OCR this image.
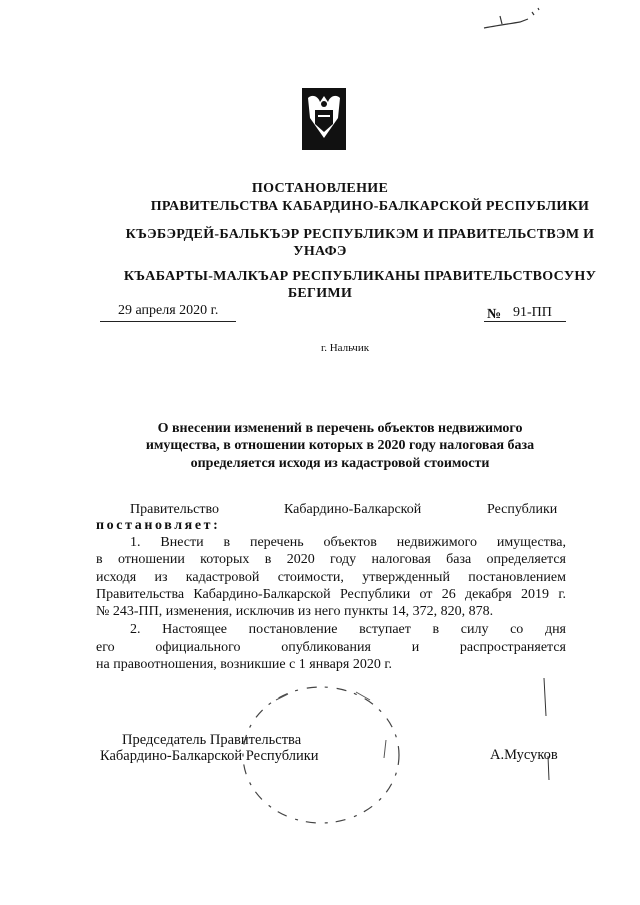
ПОСТАНОВЛЕНИЕ
ПРАВИТЕЛЬСТВА КАБАРДИНО-БАЛКАРСКОЙ РЕСПУБЛИКИ
КЪЭБЭРДЕЙ-БАЛЬКЪЭР РЕСПУБЛИКЭМ И ПРАВИТЕЛЬСТВЭМ И
УНАФЭ
КЪАБАРТЫ-МАЛКЪАР РЕСПУБЛИКАНЫ ПРАВИТЕЛЬСТВОСУНУ
БЕГИМИ
29 апреля 2020 г.	№ 91-ПП
г. Нальчик
О внесении изменений в перечень объектов недвижимого
имущества, в отношении которых в 2020 году налоговая база
определяется исходя из кадастровой стоимости
Правительство	Кабардино-Балкарской	Республики
постановляет:
1. Внести в перечень объектов недвижимого имущества,
в отношении которых в 2020 году налоговая база определяется
исходя из кадастровой стоимости, утвержденный постановлением
Правительства Кабардино-Балкарской Республики от 26 декабря 2019 г.
№ 243-ПП, изменения, исключив из него пункты 14, 372, 820, 878.
2. Настоящее постановление вступает в силу со дня
его официального опубликования и распространяется
на правоотношения, возникшие с 1 января 2020 г.
Председатель Правительства
Кабардино-Балкарской Республики	А.Мусуков
